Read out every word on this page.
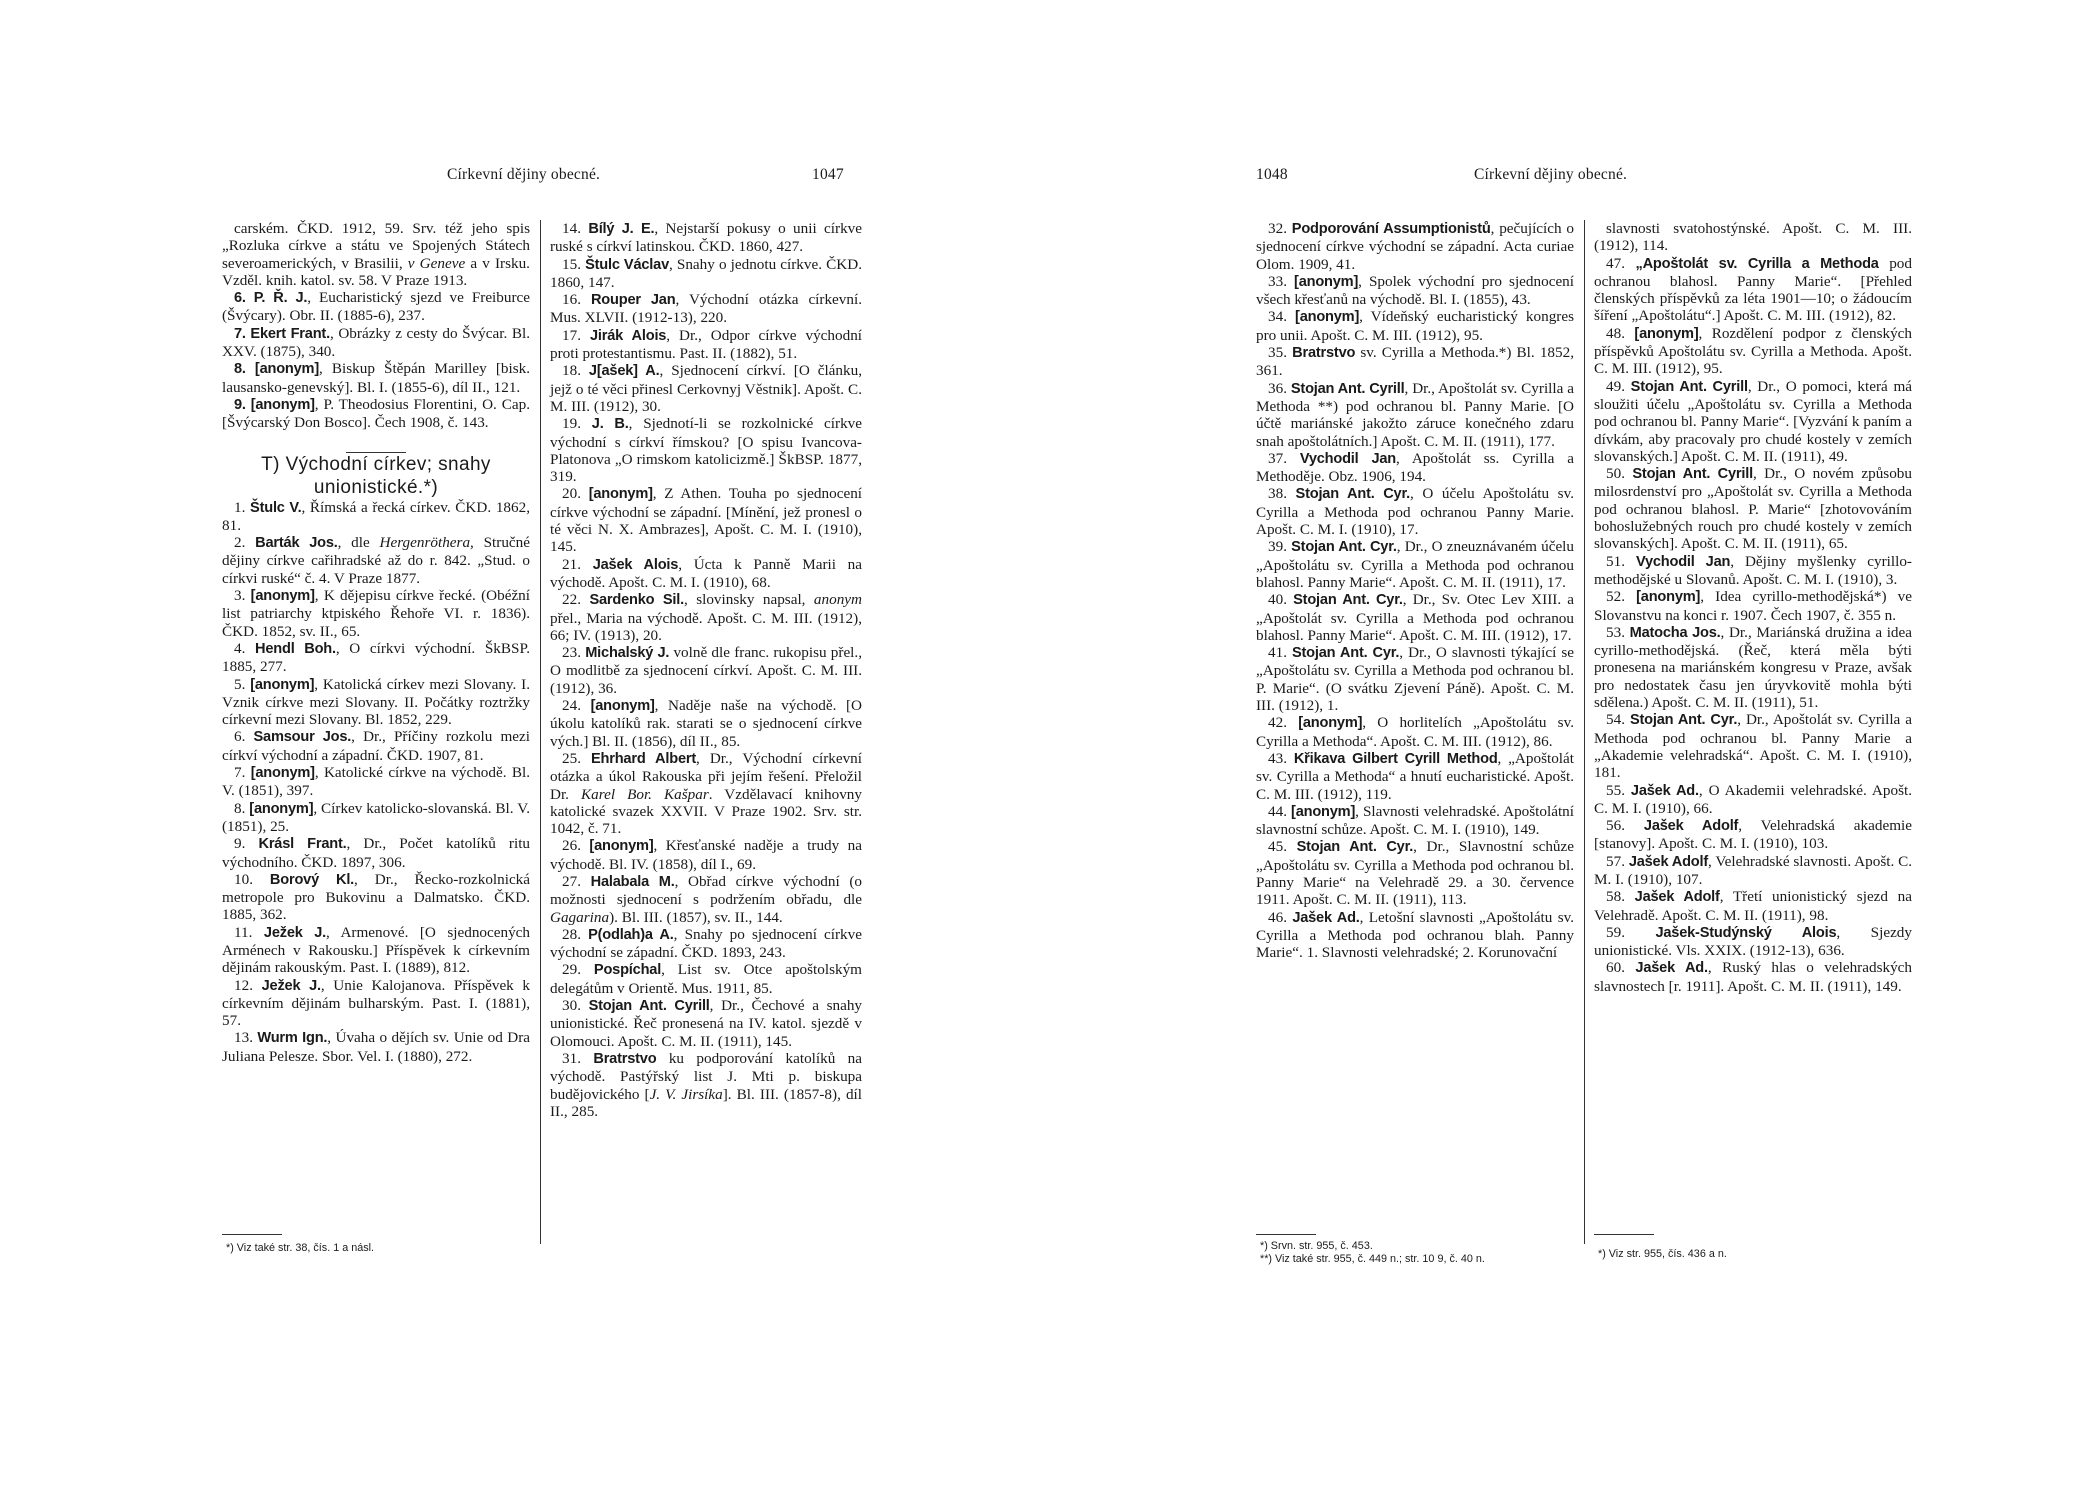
Církevní dějiny obecné.	1047

carském. ČKD. 1912, 59. Srv. též jeho spis „Rozluka církve a státu ve Spojených Státech severoamerických, v Brasilii, v Geneve a v Irsku. Vzděl. knih. katol. sv. 58. V Praze 1913.

6. P. Ř. J., Eucharistický sjezd ve Freiburce (Švýcary). Obr. II. (1885-6), 237.

7. Ekert Frant., Obrázky z cesty do Švýcar. Bl. XXV. (1875), 340.

8. [anonym], Biskup Štěpán Marilley [bisk. lausansko-genevský]. Bl. I. (1855-6), díl II., 121.

9. [anonym], P. Theodosius Florentini, O. Cap. [Švýcarský Don Bosco]. Čech 1908, č. 143.

T) Východní církev; snahy unionistické.*)

1. Štulc V., Římská a řecká církev. ČKD. 1862, 81.

2. Barták Jos., dle Hergenröthera, Stručné dějiny církve cařihradské až do r. 842. „Stud. o církvi ruské“ č. 4. V Praze 1877.

3. [anonym], K dějepisu církve řecké. (Obéžní list patriarchy ktpiského Řehoře VI. r. 1836). ČKD. 1852, sv. II., 65.

4. Hendl Boh., O církvi východní. ŠkBSP. 1885, 277.

5. [anonym], Katolická církev mezi Slovany. I. Vznik církve mezi Slovany. II. Počátky roztržky církevní mezi Slovany. Bl. 1852, 229.

6. Samsour Jos., Dr., Příčiny rozkolu mezi církví východní a západní. ČKD. 1907, 81.

7. [anonym], Katolické církve na východě. Bl. V. (1851), 397.

8. [anonym], Církev katolicko-slovanská. Bl. V. (1851), 25.

9. Krásl Frant., Dr., Počet katolíků ritu východního. ČKD. 1897, 306.

10. Borový Kl., Dr., Řecko-rozkolnická metropole pro Bukovinu a Dalmatsko. ČKD. 1885, 362.

11. Ježek J., Armenové. [O sjednocených Arménech v Rakousku.] Příspěvek k církevním dějinám rakouským. Past. I. (1889), 812.

12. Ježek J., Unie Kalojanova. Příspěvek k církevním dějinám bulharským. Past. I. (1881), 57.

13. Wurm Ign., Úvaha o dějích sv. Unie od Dra Juliana Pelesze. Sbor. Vel. I. (1880), 272.

14. Bílý J. E., Nejstarší pokusy o unii církve ruské s církví latinskou. ČKD. 1860, 427.

15. Štulc Václav, Snahy o jednotu církve. ČKD. 1860, 147.

16. Rouper Jan, Východní otázka církevní. Mus. XLVII. (1912-13), 220.

17. Jirák Alois, Dr., Odpor církve východní proti protestantismu. Past. II. (1882), 51.

18. J[ašek] A., Sjednocení církví. [O článku, jejž o té věci přinesl Cerkovnyj Věstnik]. Apošt. C. M. III. (1912), 30.

19. J. B., Sjednotí-li se rozkolnické církve východní s církví římskou? [O spisu Ivancova-Platonova „O rimskom katolicizmě.] ŠkBSP. 1877, 319.

20. [anonym], Z Athen. Touha po sjednocení církve východní se západní. [Mínění, jež pronesl o té věci N. X. Ambrazes], Apošt. C. M. I. (1910), 145.

21. Jašek Alois, Úcta k Panně Marii na východě. Apošt. C. M. I. (1910), 68.

22. Sardenko Sil., slovinsky napsal, anonym přel., Maria na východě. Apošt. C. M. III. (1912), 66; IV. (1913), 20.

23. Michalský J. volně dle franc. rukopisu přel., O modlitbě za sjednocení církví. Apošt. C. M. III. (1912), 36.

24. [anonym], Naděje naše na východě. [O úkolu katolíků rak. starati se o sjednocení církve vých.] Bl. II. (1856), díl II., 85.

25. Ehrhard Albert, Dr., Východní církevní otázka a úkol Rakouska při jejím řešení. Přeložil Dr. Karel Bor. Kašpar. Vzdělavací knihovny katolické svazek XXVII. V Praze 1902. Srv. str. 1042, č. 71.

26. [anonym], Křesťanské naděje a trudy na východě. Bl. IV. (1858), díl I., 69.

27. Halabala M., Obřad církve východní (o možnosti sjednocení s podržením obřadu, dle Gagarina). Bl. III. (1857), sv. II., 144.

28. P(odlah)a A., Snahy po sjednocení církve východní se západní. ČKD. 1893, 243.

29. Pospíchal, List sv. Otce apoštolským delegátům v Orientě. Mus. 1911, 85.

30. Stojan Ant. Cyrill, Dr., Čechové a snahy unionistické. Řeč pronesená na IV. katol. sjezdě v Olomouci. Apošt. C. M. II. (1911), 145.

31. Bratrstvo ku podporování katolíků na východě. Pastýřský list J. Mti p. biskupa budějovického [J. V. Jirsíka]. Bl. III. (1857-8), díl II., 285.

*) Viz také str. 38, čís. 1 a násl.
1048	Církevní dějiny obecné.

32. Podporování Assumptionistů, pečujících o sjednocení církve východní se západní. Acta curiae Olom. 1909, 41.

33. [anonym], Spolek východní pro sjednocení všech křesťanů na východě. Bl. I. (1855), 43.

34. [anonym], Vídeňský eucharistický kongres pro unii. Apošt. C. M. III. (1912), 95.

35. Bratrstvo sv. Cyrilla a Methoda.*) Bl. 1852, 361.

36. Stojan Ant. Cyrill, Dr., Apoštolát sv. Cyrilla a Methoda **) pod ochranou bl. Panny Marie. [O účtě mariánské jakožto záruce konečného zdaru snah apoštolátních.] Apošt. C. M. II. (1911), 177.

37. Vychodil Jan, Apoštolát ss. Cyrilla a Methoděje. Obz. 1906, 194.

38. Stojan Ant. Cyr., O účelu Apoštolátu sv. Cyrilla a Methoda pod ochranou Panny Marie. Apošt. C. M. I. (1910), 17.

39. Stojan Ant. Cyr., Dr., O zneuznávaném účelu „Apoštolátu sv. Cyrilla a Methoda pod ochranou blahosl. Panny Marie“. Apošt. C. M. II. (1911), 17.

40. Stojan Ant. Cyr., Dr., Sv. Otec Lev XIII. a „Apoštolát sv. Cyrilla a Methoda pod ochranou blahosl. Panny Marie“. Apošt. C. M. III. (1912), 17.

41. Stojan Ant. Cyr., Dr., O slavnosti týkající se „Apoštolátu sv. Cyrilla a Methoda pod ochranou bl. P. Marie“. (O svátku Zjevení Páně). Apošt. C. M. III. (1912), 1.

42. [anonym], O horlitelích „Apoštolátu sv. Cyrilla a Methoda“. Apošt. C. M. III. (1912), 86.

43. Křikava Gilbert Cyrill Method, „Apoštolát sv. Cyrilla a Methoda“ a hnutí eucharistické. Apošt. C. M. III. (1912), 119.

44. [anonym], Slavnosti velehradské. Apoštolátní slavnostní schůze. Apošt. C. M. I. (1910), 149.

45. Stojan Ant. Cyr., Dr., Slavnostní schůze „Apoštolátu sv. Cyrilla a Methoda pod ochranou bl. Panny Marie“ na Velehradě 29. a 30. července 1911. Apošt. C. M. II. (1911), 113.

46. Jašek Ad., Letošní slavnosti „Apoštolátu sv. Cyrilla a Methoda pod ochranou blah. Panny Marie“. 1. Slavnosti velehradské; 2. Korunovační

slavnosti svatohostýnské. Apošt. C. M. III. (1912), 114.

47. „Apoštolát sv. Cyrilla a Methoda pod ochranou blahosl. Panny Marie“. [Přehled členských příspěvků za léta 1901—10; o žádoucím šíření „Apoštolátu“.] Apošt. C. M. III. (1912), 82.

48. [anonym], Rozdělení podpor z členských příspěvků Apoštolátu sv. Cyrilla a Methoda. Apošt. C. M. III. (1912), 95.

49. Stojan Ant. Cyrill, Dr., O pomoci, která má sloužiti účelu „Apoštolátu sv. Cyrilla a Methoda pod ochranou bl. Panny Marie“. [Vyzvání k paním a dívkám, aby pracovaly pro chudé kostely v zemích slovanských.] Apošt. C. M. II. (1911), 49.

50. Stojan Ant. Cyrill, Dr., O novém způsobu milosrdenství pro „Apoštolát sv. Cyrilla a Methoda pod ochranou blahosl. P. Marie“ [zhotovováním bohoslužebných rouch pro chudé kostely v zemích slovanských]. Apošt. C. M. II. (1911), 65.

51. Vychodil Jan, Dějiny myšlenky cyrillo-methodějské u Slovanů. Apošt. C. M. I. (1910), 3.

52. [anonym], Idea cyrillo-methodějská*) ve Slovanstvu na konci r. 1907. Čech 1907, č. 355 n.

53. Matocha Jos., Dr., Mariánská družina a idea cyrillo-methodějská. (Řeč, která měla býti pronesena na mariánském kongresu v Praze, avšak pro nedostatek času jen úryvkovitě mohla býti sdělena.) Apošt. C. M. II. (1911), 51.

54. Stojan Ant. Cyr., Dr., Apoštolát sv. Cyrilla a Methoda pod ochranou bl. Panny Marie a „Akademie velehradská“. Apošt. C. M. I. (1910), 181.

55. Jašek Ad., O Akademii velehradské. Apošt. C. M. I. (1910), 66.

56. Jašek Adolf, Velehradská akademie [stanovy]. Apošt. C. M. I. (1910), 103.

57. Jašek Adolf, Velehradské slavnosti. Apošt. C. M. I. (1910), 107.

58. Jašek Adolf, Třetí unionistický sjezd na Velehradě. Apošt. C. M. II. (1911), 98.

59. Jašek-Studýnský Alois, Sjezdy unionistické. Vls. XXIX. (1912-13), 636.

60. Jašek Ad., Ruský hlas o velehradských slavnostech [r. 1911]. Apošt. C. M. II. (1911), 149.

*) Srvn. str. 955, č. 453.
**) Viz také str. 955, č. 449 n.; str. 10 9, č. 40 n.	*) Viz str. 955, čís. 436 a n.
